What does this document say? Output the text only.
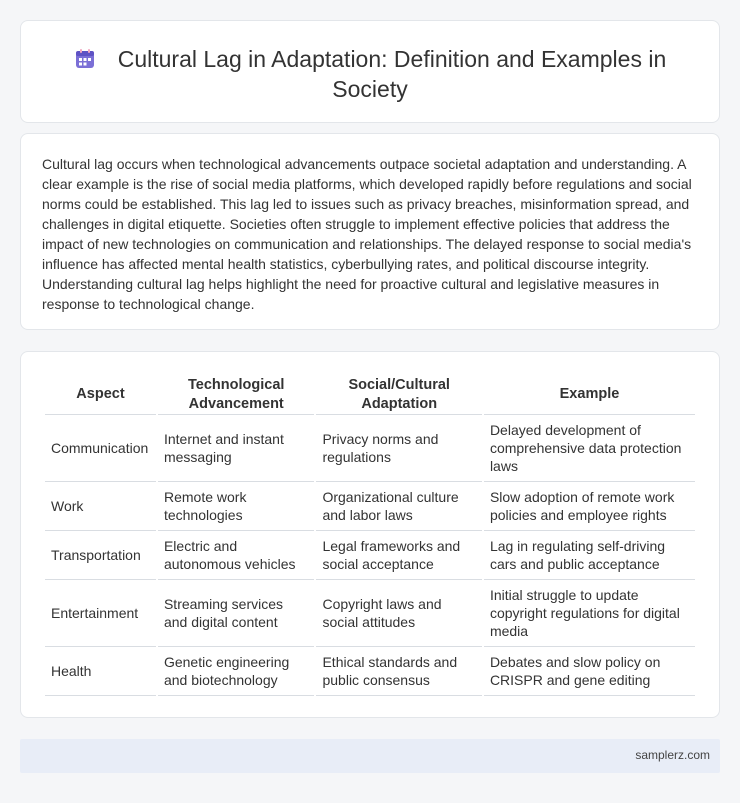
Cultural Lag in Adaptation: Definition and Examples in Society

Cultural lag occurs when technological advancements outpace societal adaptation and understanding. A clear example is the rise of social media platforms, which developed rapidly before regulations and social norms could be established. This lag led to issues such as privacy breaches, misinformation spread, and challenges in digital etiquette. Societies often struggle to implement effective policies that address the impact of new technologies on communication and relationships. The delayed response to social media's influence has affected mental health statistics, cyberbullying rates, and political discourse integrity. Understanding cultural lag helps highlight the need for proactive cultural and legislative measures in response to technological change.

Aspect	Technological Advancement	Social/Cultural Adaptation	Example
Communication	Internet and instant messaging	Privacy norms and regulations	Delayed development of comprehensive data protection laws
Work	Remote work technologies	Organizational culture and labor laws	Slow adoption of remote work policies and employee rights
Transportation	Electric and autonomous vehicles	Legal frameworks and social acceptance	Lag in regulating self-driving cars and public acceptance
Entertainment	Streaming services and digital content	Copyright laws and social attitudes	Initial struggle to update copyright regulations for digital media
Health	Genetic engineering and biotechnology	Ethical standards and public consensus	Debates and slow policy on CRISPR and gene editing
samplerz.com
